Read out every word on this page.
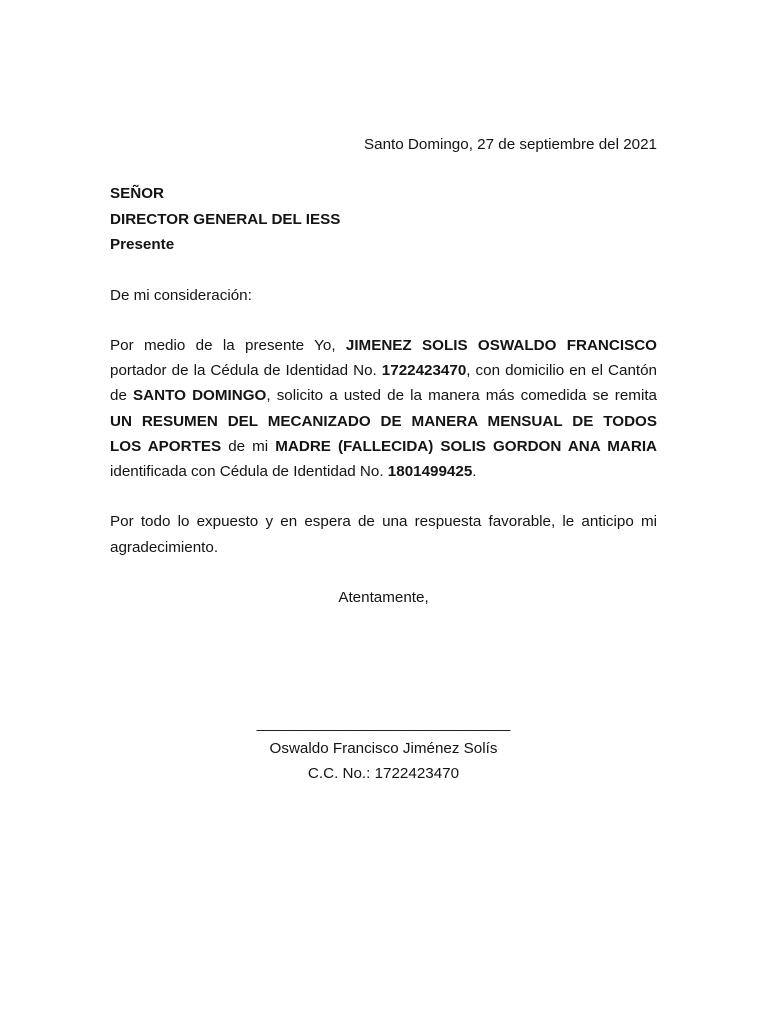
Santo Domingo, 27 de septiembre del 2021
SEÑOR
DIRECTOR GENERAL DEL IESS
Presente
De mi consideración:
Por medio de la presente Yo, JIMENEZ SOLIS OSWALDO FRANCISCO
portador de la Cédula de Identidad No. 1722423470, con domicilio en el Cantón
de SANTO DOMINGO, solicito a usted de la manera más comedida se remita
UN RESUMEN DEL MECANIZADO DE MANERA MENSUAL DE TODOS
LOS APORTES de mi MADRE (FALLECIDA) SOLIS GORDON ANA MARIA
identificada con Cédula de Identidad No. 1801499425.
Por todo lo expuesto y en espera de una respuesta favorable, le anticipo mi
agradecimiento.
Atentamente,
______________________________
Oswaldo Francisco Jiménez Solís
C.C. No.: 1722423470
